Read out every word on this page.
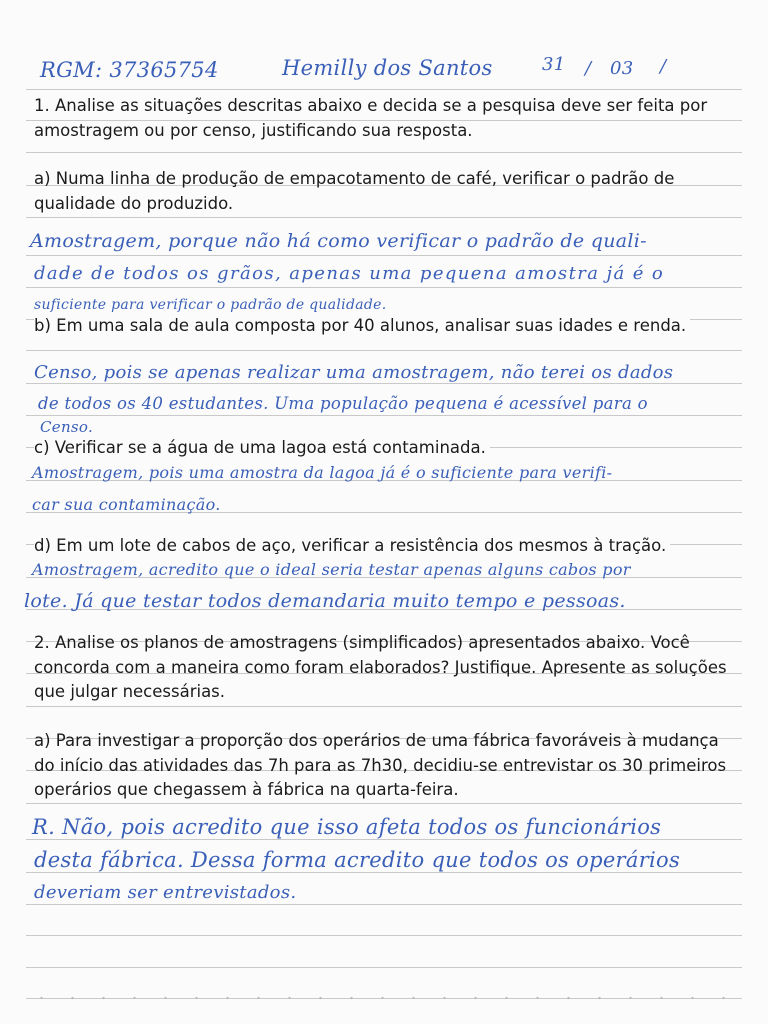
RGM: 37365754	Hemilly dos Santos	31 / 03 /
1. Analise as situações descritas abaixo e decida se a pesquisa deve ser feita por amostragem ou por censo, justificando sua resposta.
a) Numa linha de produção de empacotamento de café, verificar o padrão de qualidade do produzido.
Amostragem, porque não há como verificar o padrão de quali-
dade de todos os grãos, apenas uma pequena amostra já é o
suficiente para verificar o padrão de qualidade.
b) Em uma sala de aula composta por 40 alunos, analisar suas idades e renda.
Censo, pois se apenas realizar uma amostragem, não terei os dados
de todos os 40 estudantes. Uma população pequena é acessível para o
Censo.
c) Verificar se a água de uma lagoa está contaminada.
Amostragem, pois uma amostra da lagoa já é o suficiente para verifi-
car sua contaminação.
d) Em um lote de cabos de aço, verificar a resistência dos mesmos à tração.
Amostragem, acredito que o ideal seria testar apenas alguns cabos por
lote. Já que testar todos demandaria muito tempo e pessoas.
2. Analise os planos de amostragens (simplificados) apresentados abaixo. Você concorda com a maneira como foram elaborados? Justifique. Apresente as soluções que julgar necessárias.
a) Para investigar a proporção dos operários de uma fábrica favoráveis à mudança do início das atividades das 7h para as 7h30, decidiu-se entrevistar os 30 primeiros operários que chegassem à fábrica na quarta-feira.
R. Não, pois acredito que isso afeta todos os funcionários
desta fábrica. Dessa forma acredito que todos os operários
deveriam ser entrevistados.
